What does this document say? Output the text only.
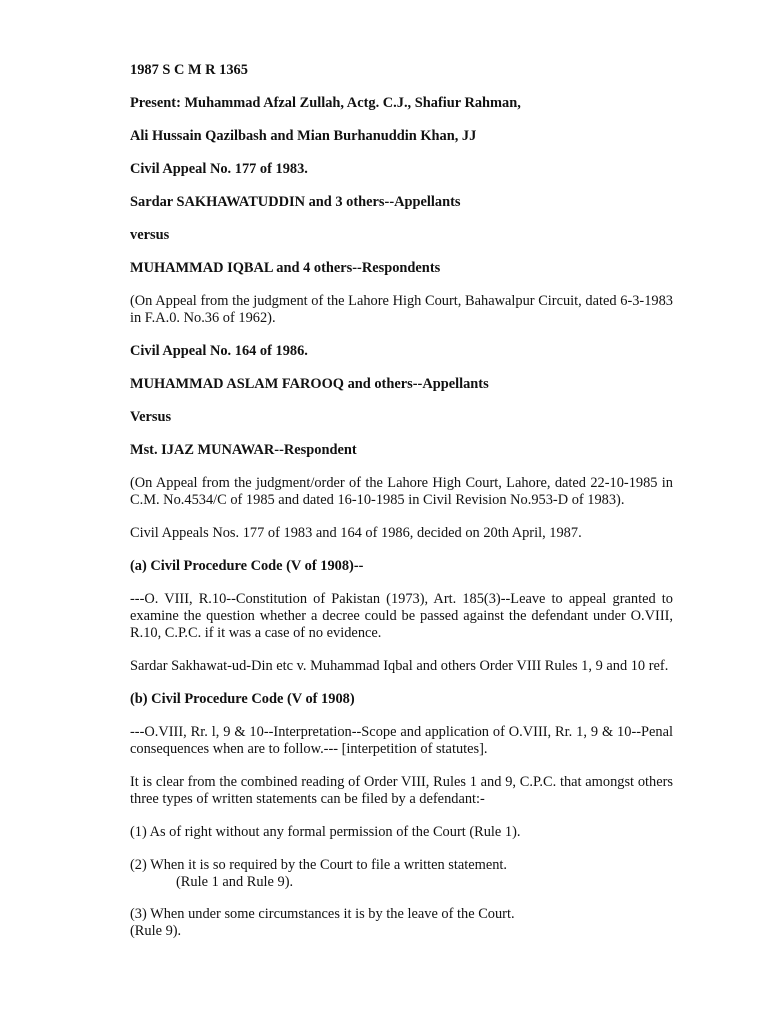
1987 S C M R 1365

Present: Muhammad Afzal Zullah, Actg. C.J., Shafiur Rahman,

Ali Hussain Qazilbash and Mian Burhanuddin Khan, JJ

Civil Appeal No. 177 of 1983.

Sardar SAKHAWATUDDIN and 3 others--Appellants

versus

MUHAMMAD IQBAL and 4 others--Respondents

(On Appeal from the judgment of the Lahore High Court, Bahawalpur Circuit, dated 6-3-1983 in F.A.0. No.36 of 1962).

Civil Appeal No. 164 of 1986.

MUHAMMAD ASLAM FAROOQ and others--Appellants

Versus

Mst. IJAZ MUNAWAR--Respondent

(On Appeal from the judgment/order of the Lahore High Court, Lahore, dated 22-10-1985 in C.M. No.4534/C of 1985 and dated 16-10-1985 in Civil Revision No.953-D of 1983).

Civil Appeals Nos. 177 of 1983 and 164 of 1986, decided on 20th April, 1987.

(a) Civil Procedure Code (V of 1908)--

---O. VIII, R.10--Constitution of Pakistan (1973), Art. 185(3)--Leave to appeal granted to examine the question whether a decree could be passed against the defendant under O.VIII, R.10, C.P.C. if it was a case of no evidence.

Sardar Sakhawat-ud-Din etc v. Muhammad Iqbal and others Order VIII Rules 1, 9 and 10 ref.

(b) Civil Procedure Code (V of 1908)

---O.VIII, Rr. l, 9 & 10--Interpretation--Scope and application of O.VIII, Rr. 1, 9 & 10--Penal consequences when are to follow.--- [interpetition of statutes].

It is clear from the combined reading of Order VIII, Rules 1 and 9, C.P.C. that amongst others three types of written statements can be filed by a defendant:-

(1) As of right without any formal permission of the Court (Rule 1).

(2) When it is so required by the Court to file a written statement.
(Rule 1 and Rule 9).

(3) When under some circumstances it is by the leave of the Court.
(Rule 9).
